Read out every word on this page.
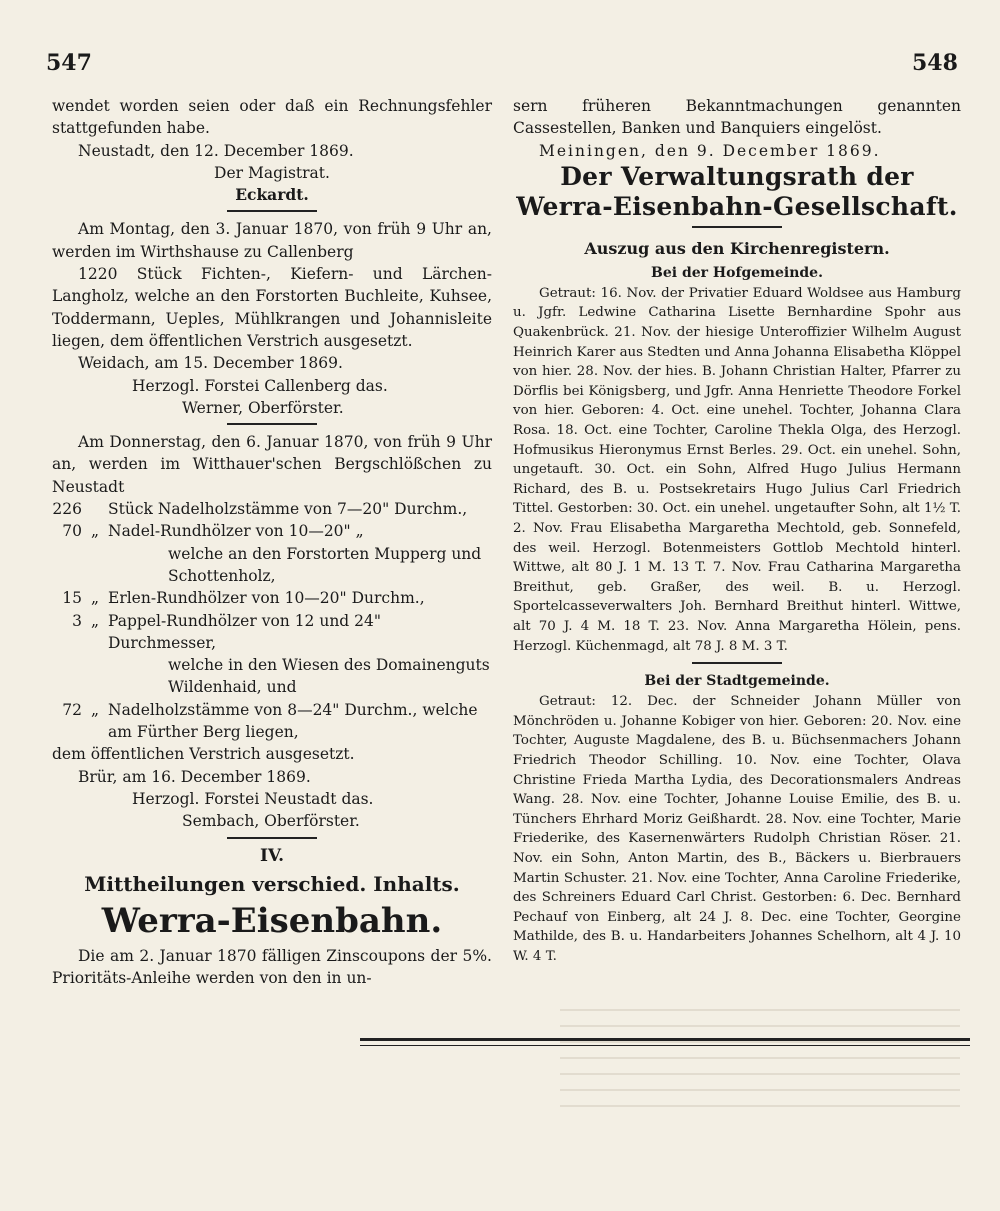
547	548

wendet worden seien oder daß ein Rechnungsfehler stattgefunden habe.

Neustadt, den 12. December 1869.

Der Magistrat.

Eckardt.

Am Montag, den 3. Januar 1870, von früh 9 Uhr an, werden im Wirthshause zu Callenberg

1220 Stück Fichten-, Kiefern- und Lärchen-Langholz, welche an den Forstorten Buchleite, Kuhsee, Toddermann, Ueples, Mühlkrangen und Johannisleite liegen, dem öffentlichen Verstrich ausgesetzt.

Weidach, am 15. December 1869.

Herzogl. Forstei Callenberg das.

Werner, Oberförster.

Am Donnerstag, den 6. Januar 1870, von früh 9 Uhr an, werden im Witthauer'schen Bergschlößchen zu Neustadt

226 Stück Nadelholzstämme von 7—20" Durchm.,
70 „ Nadel-Rundhölzer von 10—20" „
welche an den Forstorten Mupperg und Schottenholz,
15 „ Erlen-Rundhölzer von 10—20" Durchm.,
3 „ Pappel-Rundhölzer von 12 und 24" Durchmesser,
welche in den Wiesen des Domainenguts Wildenhaid, und
72 „ Nadelholzstämme von 8—24" Durchm., welche am Fürther Berg liegen,

dem öffentlichen Verstrich ausgesetzt.

Brür, am 16. December 1869.

Herzogl. Forstei Neustadt das.

Sembach, Oberförster.

IV.

Mittheilungen verschied. Inhalts.

Werra-Eisenbahn.

Die am 2. Januar 1870 fälligen Zinscoupons der 5%. Prioritäts-Anleihe werden von den in un-

sern früheren Bekanntmachungen genannten Cassestellen, Banken und Banquiers eingelöst.

Meiningen, den 9. December 1869.

Der Verwaltungsrath der Werra-Eisenbahn-Gesellschaft.

Auszug aus den Kirchenregistern.

Bei der Hofgemeinde.

Getraut: 16. Nov. der Privatier Eduard Woldsee aus Hamburg u. Jgfr. Ledwine Catharina Lisette Bernhardine Spohr aus Quakenbrück. 21. Nov. der hiesige Unteroffizier Wilhelm August Heinrich Karer aus Stedten und Anna Johanna Elisabetha Klöppel von hier. 28. Nov. der hies. B. Johann Christian Halter, Pfarrer zu Dörflis bei Königsberg, und Jgfr. Anna Henriette Theodore Forkel von hier. Geboren: 4. Oct. eine unehel. Tochter, Johanna Clara Rosa. 18. Oct. eine Tochter, Caroline Thekla Olga, des Herzogl. Hofmusikus Hieronymus Ernst Berles. 29. Oct. ein unehel. Sohn, ungetauft. 30. Oct. ein Sohn, Alfred Hugo Julius Hermann Richard, des B. u. Postsekretairs Hugo Julius Carl Friedrich Tittel. Gestorben: 30. Oct. ein unehel. ungetaufter Sohn, alt 1½ T. 2. Nov. Frau Elisabetha Margaretha Mechtold, geb. Sonnefeld, des weil. Herzogl. Botenmeisters Gottlob Mechtold hinterl. Wittwe, alt 80 J. 1 M. 13 T. 7. Nov. Frau Catharina Margaretha Breithut, geb. Graßer, des weil. B. u. Herzogl. Sportelcasseverwalters Joh. Bernhard Breithut hinterl. Wittwe, alt 70 J. 4 M. 18 T. 23. Nov. Anna Margaretha Hölein, pens. Herzogl. Küchenmagd, alt 78 J. 8 M. 3 T.

Bei der Stadtgemeinde.

Getraut: 12. Dec. der Schneider Johann Müller von Mönchröden u. Johanne Kobiger von hier. Geboren: 20. Nov. eine Tochter, Auguste Magdalene, des B. u. Büchsenmachers Johann Friedrich Theodor Schilling. 10. Nov. eine Tochter, Olava Christine Frieda Martha Lydia, des Decorationsmalers Andreas Wang. 28. Nov. eine Tochter, Johanne Louise Emilie, des B. u. Tünchers Ehrhard Moriz Geißhardt. 28. Nov. eine Tochter, Marie Friederike, des Kasernenwärters Rudolph Christian Röser. 21. Nov. ein Sohn, Anton Martin, des B., Bäckers u. Bierbrauers Martin Schuster. 21. Nov. eine Tochter, Anna Caroline Friederike, des Schreiners Eduard Carl Christ. Gestorben: 6. Dec. Bernhard Pechauf von Einberg, alt 24 J. 8. Dec. eine Tochter, Georgine Mathilde, des B. u. Handarbeiters Johannes Schelhorn, alt 4 J. 10 W. 4 T.
